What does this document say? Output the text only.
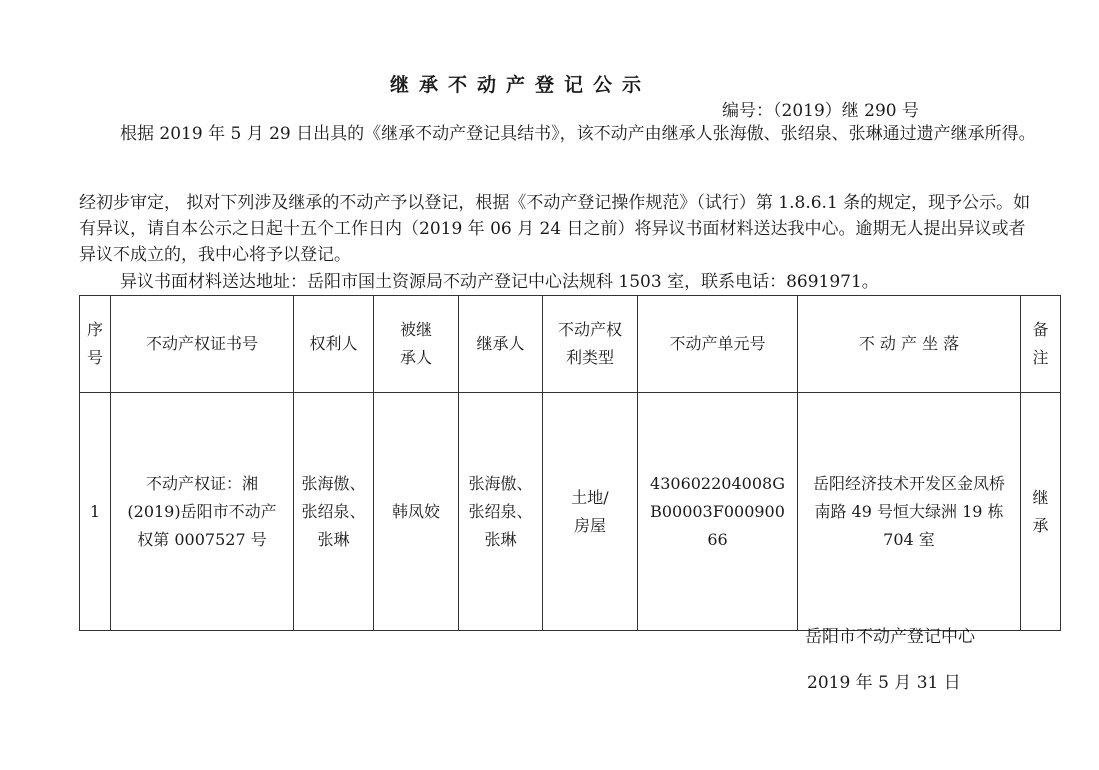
继承不动产登记公示
编号：（2019）继 290 号

根据 2019 年 5 月 29 日出具的《继承不动产登记具结书》，该不动产由继承人张海傲、张绍泉、张琳通过遗产继承所得。

经初步审定， 拟对下列涉及继承的不动产予以登记，根据《不动产登记操作规范》（试行）第 1.8.6.1 条的规定，现予公示。如有异议，请自本公示之日起十五个工作日内（2019 年 06 月 24 日之前）将异议书面材料送达我中心。逾期无人提出异议或者异议不成立的，我中心将予以登记。

异议书面材料送达地址：岳阳市国土资源局不动产登记中心法规科 1503 室，联系电话：8691971。

序号	不动产权证书号	权利人	被继承人	继承人	不动产权利类型	不动产单元号	不 动 产 坐 落	备注
1	不动产权证：湘(2019)岳阳市不动产权第 0007527 号	张海傲、张绍泉、张琳	韩凤姣	张海傲、张绍泉、张琳	土地/房屋	430602204008GB00003F00090066	岳阳经济技术开发区金凤桥南路 49 号恒大绿洲 19 栋 704 室	继承
岳阳市不动产登记中心
2019 年 5 月 31 日
